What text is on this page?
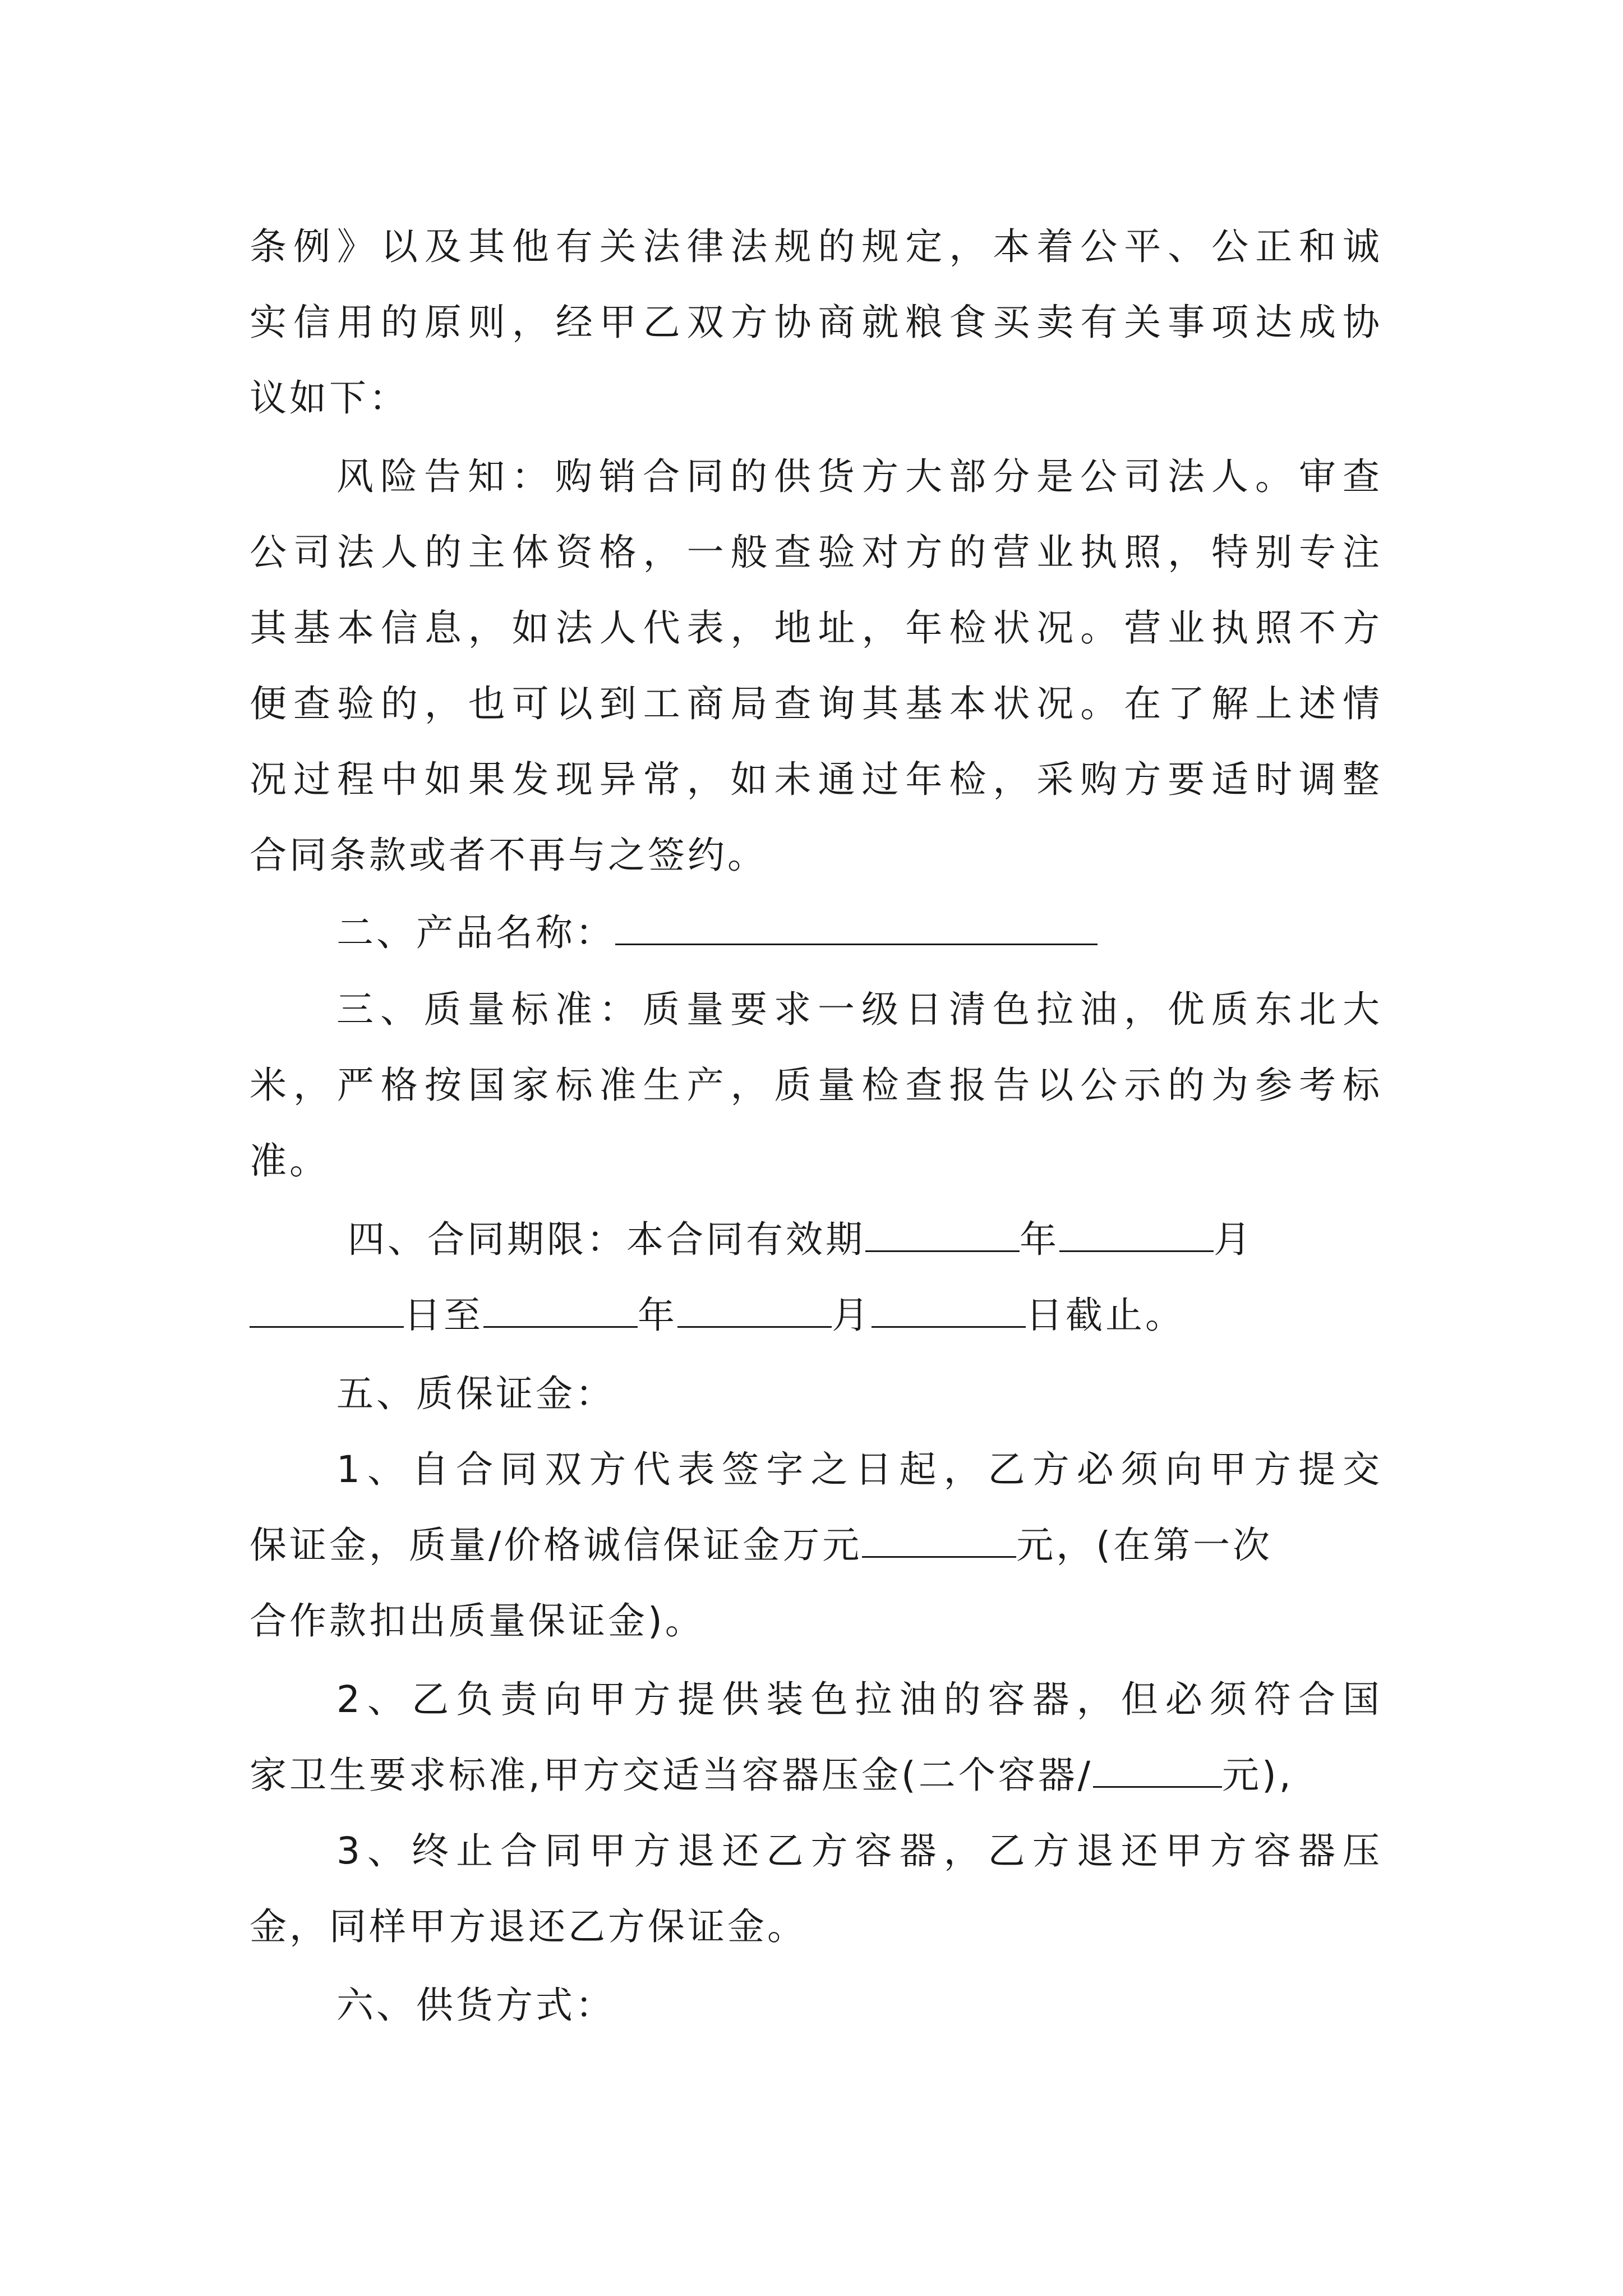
条例》以及其他有关法律法规的规定，本着公平、公正和诚
实信用的原则，经甲乙双方协商就粮食买卖有关事项达成协
议如下：
风险告知：购销合同的供货方大部分是公司法人。审查
公司法人的主体资格，一般查验对方的营业执照，特别专注
其基本信息，如法人代表，地址，年检状况。营业执照不方
便查验的，也可以到工商局查询其基本状况。在了解上述情
况过程中如果发现异常，如未通过年检，采购方要适时调整
合同条款或者不再与之签约。
二、产品名称：
三、质量标准：质量要求一级日清色拉油，优质东北大
米，严格按国家标准生产，质量检查报告以公示的为参考标
准。
四、合同期限：本合同有效期	年	月
日至	年	月	日截止。
五、质保证金：
1、自合同双方代表签字之日起，乙方必须向甲方提交
保证金，质量/价格诚信保证金万元	元，(在第一次
合作款扣出质量保证金)。
2、乙负责向甲方提供装色拉油的容器，但必须符合国
家卫生要求标准,甲方交适当容器压金(二个容器/	元),
3、终止合同甲方退还乙方容器，乙方退还甲方容器压
金，同样甲方退还乙方保证金。
六、供货方式：
